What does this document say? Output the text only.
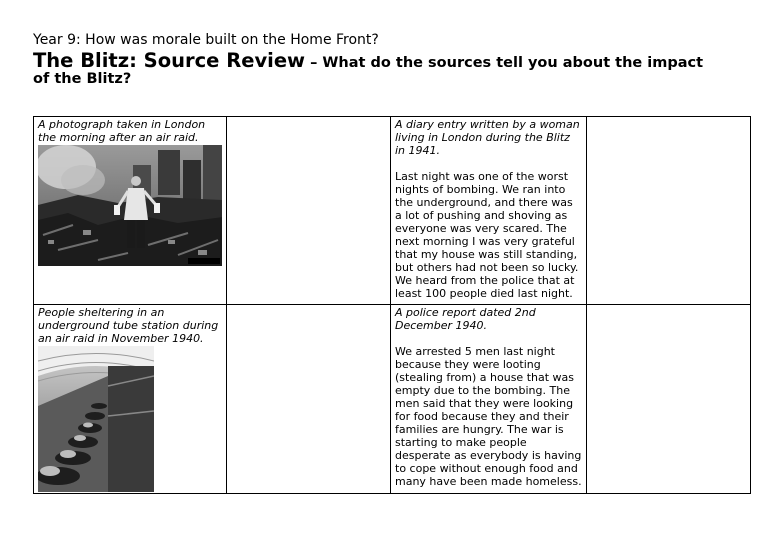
Year 9: How was morale built on the Home Front?
The Blitz: Source Review – What do the sources tell you about the impact
of the Blitz?
A photograph taken in London the morning after an air raid.		A diary entry written by a woman living in London during the Blitz in 1941.
Last night was one of the worst nights of bombing. We ran into the underground, and there was a lot of pushing and shoving as everyone was very scared. The next morning I was very grateful that my house was still standing, but others had not been so lucky. We heard from the police that at least 100 people died last night.	

People sheltering in an underground tube station during an air raid in November 1940.		A police report dated 2nd December 1940.
We arrested 5 men last night because they were looting (stealing from) a house that was empty due to the bombing. The men said that they were looking for food because they and their families are hungry. The war is starting to make people desperate as everybody is having to cope without enough food and many have been made homeless.	
